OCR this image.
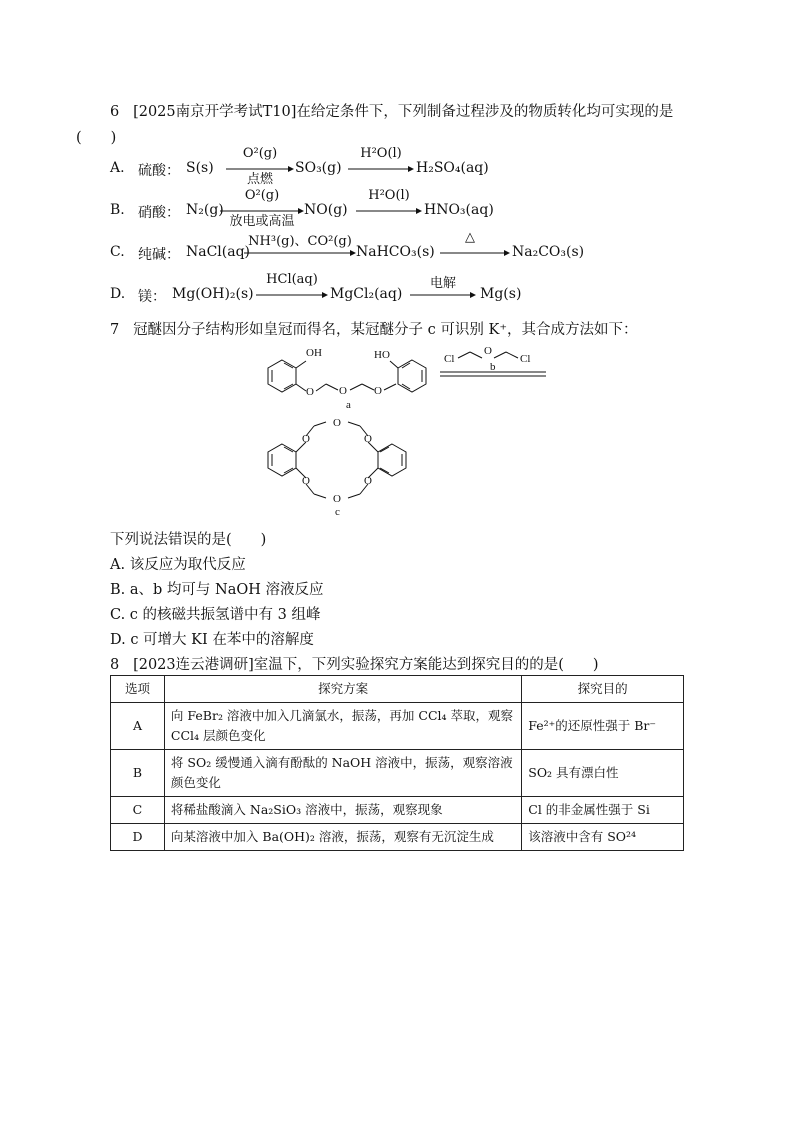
6 [2025南京开学考试T10]在给定条件下，下列制备过程涉及的物质转化均可实现的是
(　　)
A. 硫酸： S(s)
O²(g)
点燃
SO₃(g)
H²O(l)
H₂SO₄(aq)
B. 硝酸： N₂(g)
O²(g)
放电或高温
NO(g)
H²O(l)
HNO₃(aq)
C. 纯碱： NaCl(aq)
NH³(g)、CO²(g)
NaHCO₃(s)
△
Na₂CO₃(s)
D. 镁： Mg(OH)₂(s)
HCl(aq)
MgCl₂(aq)
电解
Mg(s)
7 冠醚因分子结构形如皇冠而得名，某冠醚分子 c 可识别 K⁺，其合成方法如下：
OH	HO
O O O
a
Cl
O
Cl
b
O
O
O
O
O
O
c
下列说法错误的是(　　)
A. 该反应为取代反应
B. a、b 均可与 NaOH 溶液反应
C. c 的核磁共振氢谱中有 3 组峰
D. c 可增大 KI 在苯中的溶解度
8 [2023连云港调研]室温下，下列实验探究方案能达到探究目的的是(　　)
选项	探究方案	探究目的
A	向 FeBr₂ 溶液中加入几滴氯水，振荡，再加 CCl₄ 萃取，观察 CCl₄ 层颜色变化	Fe²⁺的还原性强于 Br⁻
B	将 SO₂ 缓慢通入滴有酚酞的 NaOH 溶液中，振荡，观察溶液颜色变化	SO₂ 具有漂白性
C	将稀盐酸滴入 Na₂SiO₃ 溶液中，振荡，观察现象	Cl 的非金属性强于 Si
D	向某溶液中加入 Ba(OH)₂ 溶液，振荡，观察有无沉淀生成	该溶液中含有 SO²⁴
